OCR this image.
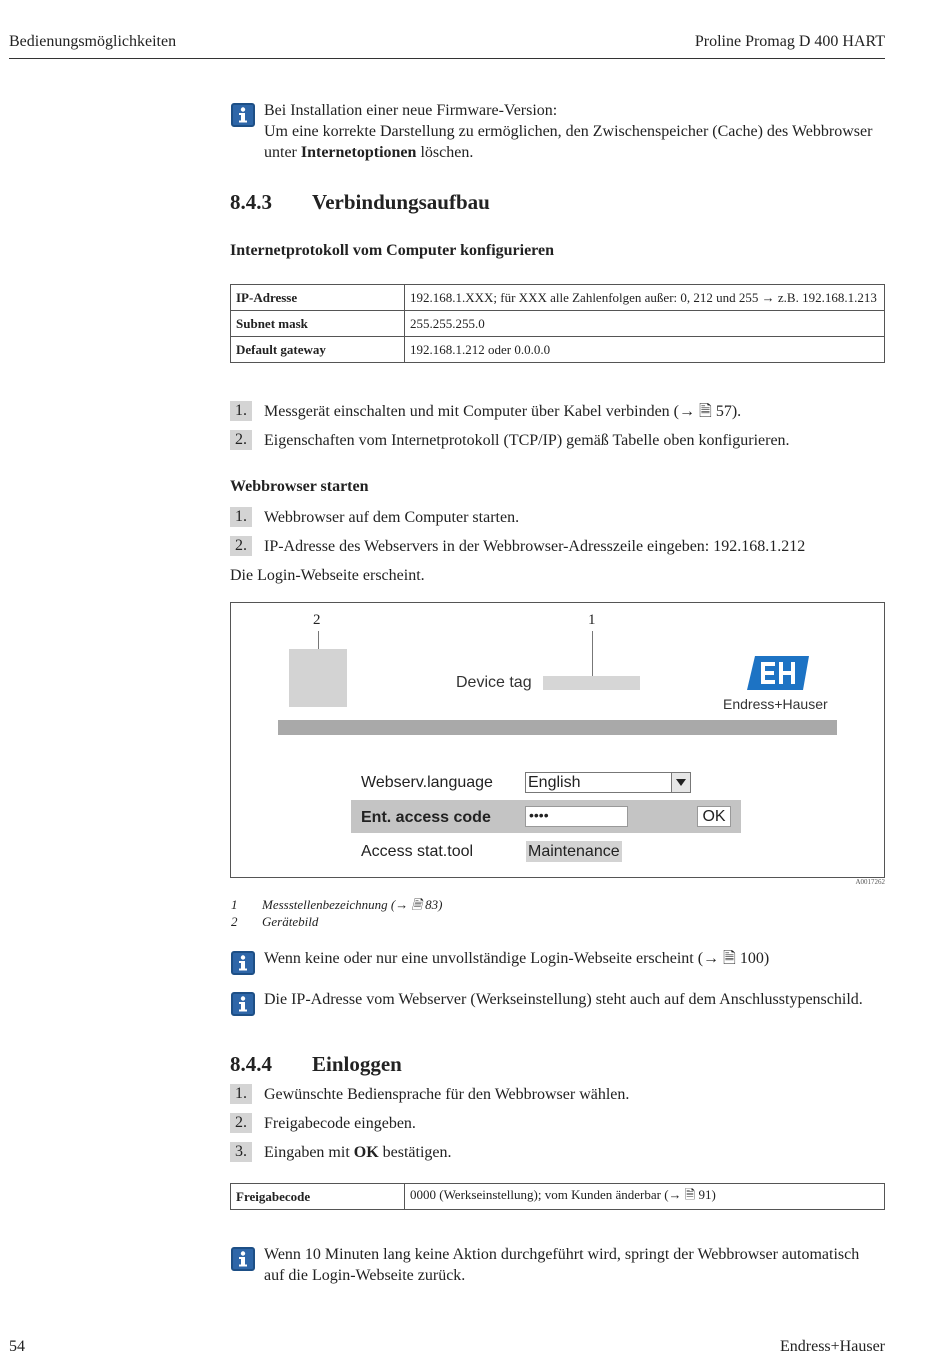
Bedienungsmöglichkeiten	Proline Promag D 400 HART
Bei Installation einer neue Firmware-Version:
Um eine korrekte Darstellung zu ermöglichen, den Zwischenspeicher (Cache) des Webbrowser
unter Internetoptionen löschen.
8.4.3 Verbindungsaufbau
Internetprotokoll vom Computer konfigurieren
IP-Adresse	192.168.1.XXX; für XXX alle Zahlenfolgen außer: 0, 212 und 255 → z.B. 192.168.1.213
Subnet mask	255.255.255.0
Default gateway	192.168.1.212 oder 0.0.0.0
1. Messgerät einschalten und mit Computer über Kabel verbinden (→ 🗎 57).
2. Eigenschaften vom Internetprotokoll (TCP/IP) gemäß Tabelle oben konfigurieren.
Webbrowser starten
1. Webbrowser auf dem Computer starten.
2. IP-Adresse des Webservers in der Webbrowser-Adresszeile eingeben: 192.168.1.212
Die Login-Webseite erscheint.
2	1
Device tag
Endress+Hauser
Webserv.language English
Ent. access code	••••	OK
Access stat.tool	Maintenance
A0017262
1 Messstellenbezeichnung (→ 🗎 83)
2 Gerätebild
Wenn keine oder nur eine unvollständige Login-Webseite erscheint (→ 🗎 100)
Die IP-Adresse vom Webserver (Werkseinstellung) steht auch auf dem Anschlusstypenschild.
8.4.4 Einloggen
1. Gewünschte Bediensprache für den Webbrowser wählen.
2. Freigabecode eingeben.
3. Eingaben mit OK bestätigen.
Freigabecode	0000 (Werkseinstellung); vom Kunden änderbar (→ 🗎 91)
Wenn 10 Minuten lang keine Aktion durchgeführt wird, springt der Webbrowser automatisch
auf die Login-Webseite zurück.
54	Endress+Hauser
